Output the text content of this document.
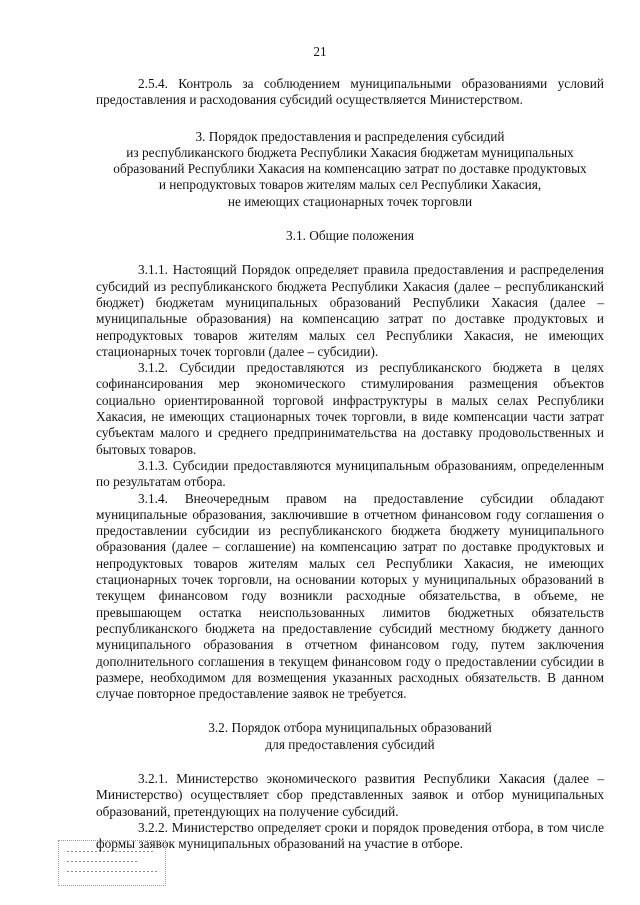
21

2.5.4. Контроль за соблюдением муниципальными образованиями условий предоставления и расходования субсидий осуществляется Министерством.

3. Порядок предоставления и распределения субсидий

из республиканского бюджета Республики Хакасия бюджетам муниципальных

образований Республики Хакасия на компенсацию затрат по доставке продуктовых

и непродуктовых товаров жителям малых сел Республики Хакасия,

не имеющих стационарных точек торговли

3.1. Общие положения

3.1.1. Настоящий Порядок определяет правила предоставления и распределения субсидий из республиканского бюджета Республики Хакасия (далее – республиканский бюджет) бюджетам муниципальных образований Республики Хакасия (далее – муниципальные образования) на компенсацию затрат по доставке продуктовых и непродуктовых товаров жителям малых сел Республики Хакасия, не имеющих стационарных точек торговли (далее – субсидии).

3.1.2. Субсидии предоставляются из республиканского бюджета в целях софинансирования мер экономического стимулирования размещения объектов социально ориентированной торговой инфраструктуры в малых селах Республики Хакасия, не имеющих стационарных точек торговли, в виде компенсации части затрат субъектам малого и среднего предпринимательства на доставку продовольственных и бытовых товаров.

3.1.3. Субсидии предоставляются муниципальным образованиям, определенным по результатам отбора.

3.1.4. Внеочередным правом на предоставление субсидии обладают муниципальные образования, заключившие в отчетном финансовом году соглашения о предоставлении субсидии из республиканского бюджета бюджету муниципального образования (далее – соглашение) на компенсацию затрат по доставке продуктовых и непродуктовых товаров жителям малых сел Республики Хакасия, не имеющих стационарных точек торговли, на основании которых у муниципальных образований в текущем финансовом году возникли расходные обязательства, в объеме, не превышающем остатка неиспользованных лимитов бюджетных обязательств республиканского бюджета на предоставление субсидий местному бюджету данного муниципального образования в отчетном финансовом году, путем заключения дополнительного соглашения в текущем финансовом году о предоставлении субсидии в размере, необходимом для возмещения указанных расходных обязательств. В данном случае повторное предоставление заявок не требуется.

3.2. Порядок отбора муниципальных образований

для предоставления субсидий

3.2.1. Министерство экономического развития Республики Хакасия (далее – Министерство) осуществляет сбор представленных заявок и отбор муниципальных образований, претендующих на получение субсидий.

3.2.2. Министерство определяет сроки и порядок проведения отбора, в том числе формы заявок муниципальных образований на участие в отборе.
